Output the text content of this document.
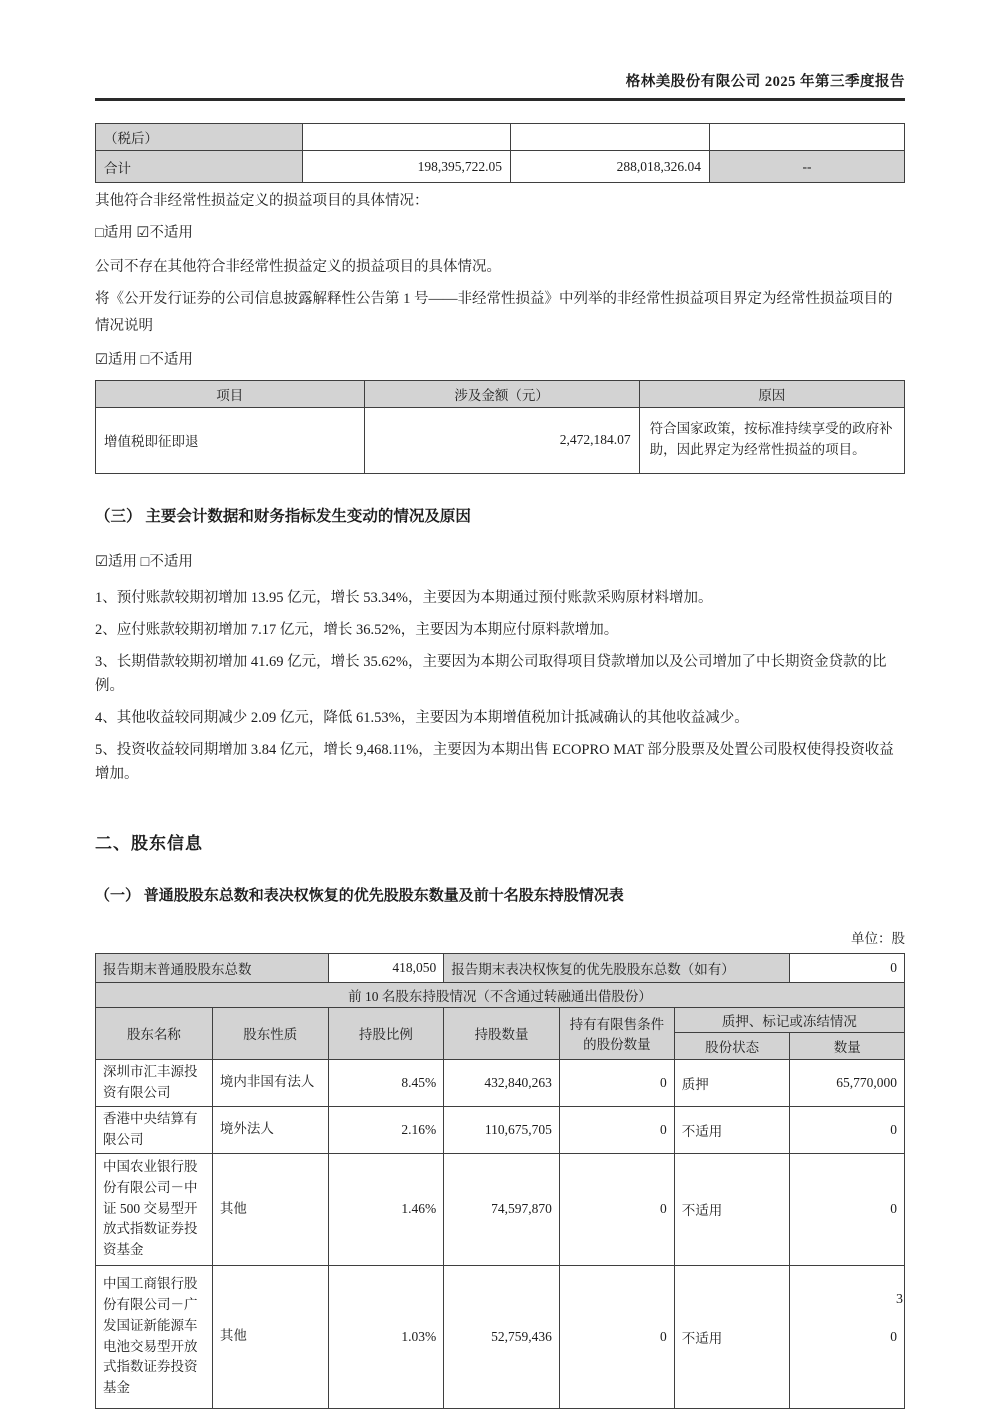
格林美股份有限公司 2025 年第三季度报告
（税后）			
合计	198,395,722.05	288,018,326.04	--
其他符合非经常性损益定义的损益项目的具体情况：
□适用 ☑不适用
公司不存在其他符合非经常性损益定义的损益项目的具体情况。
将《公开发行证券的公司信息披露解释性公告第 1 号——非经常性损益》中列举的非经常性损益项目界定为经常性损益项目的情况说明
☑适用 □不适用
项目	涉及金额（元）	原因
增值税即征即退	2,472,184.07	符合国家政策，按标准持续享受的政府补助，因此界定为经常性损益的项目。
（三） 主要会计数据和财务指标发生变动的情况及原因
☑适用 □不适用
1、预付账款较期初增加 13.95 亿元，增长 53.34%，主要因为本期通过预付账款采购原材料增加。
2、应付账款较期初增加 7.17 亿元，增长 36.52%，主要因为本期应付原料款增加。
3、长期借款较期初增加 41.69 亿元，增长 35.62%，主要因为本期公司取得项目贷款增加以及公司增加了中长期资金贷款的比例。
4、其他收益较同期减少 2.09 亿元，降低 61.53%，主要因为本期增值税加计抵减确认的其他收益减少。
5、投资收益较同期增加 3.84 亿元，增长 9,468.11%，主要因为本期出售 ECOPRO MAT 部分股票及处置公司股权使得投资收益增加。
二、股东信息
（一） 普通股股东总数和表决权恢复的优先股股东数量及前十名股东持股情况表
单位：股
报告期末普通股股东总数		418,050	报告期末表决权恢复的优先股股东总数（如有）			0
前 10 名股东持股情况（不含通过转融通出借股份）						
股东名称	股东性质	持股比例	持股数量	持有有限售条件的股份数量	质押、标记或冻结情况	
					股份状态	数量
深圳市汇丰源投资有限公司	境内非国有法人	8.45%	432,840,263	0	质押	65,770,000
香港中央结算有限公司	境外法人	2.16%	110,675,705	0	不适用	0
中国农业银行股份有限公司－中证 500 交易型开放式指数证券投资基金	其他	1.46%	74,597,870	0	不适用	0
中国工商银行股份有限公司－广发国证新能源车电池交易型开放式指数证券投资基金	其他	1.03%	52,759,436	0	不适用	0
3
